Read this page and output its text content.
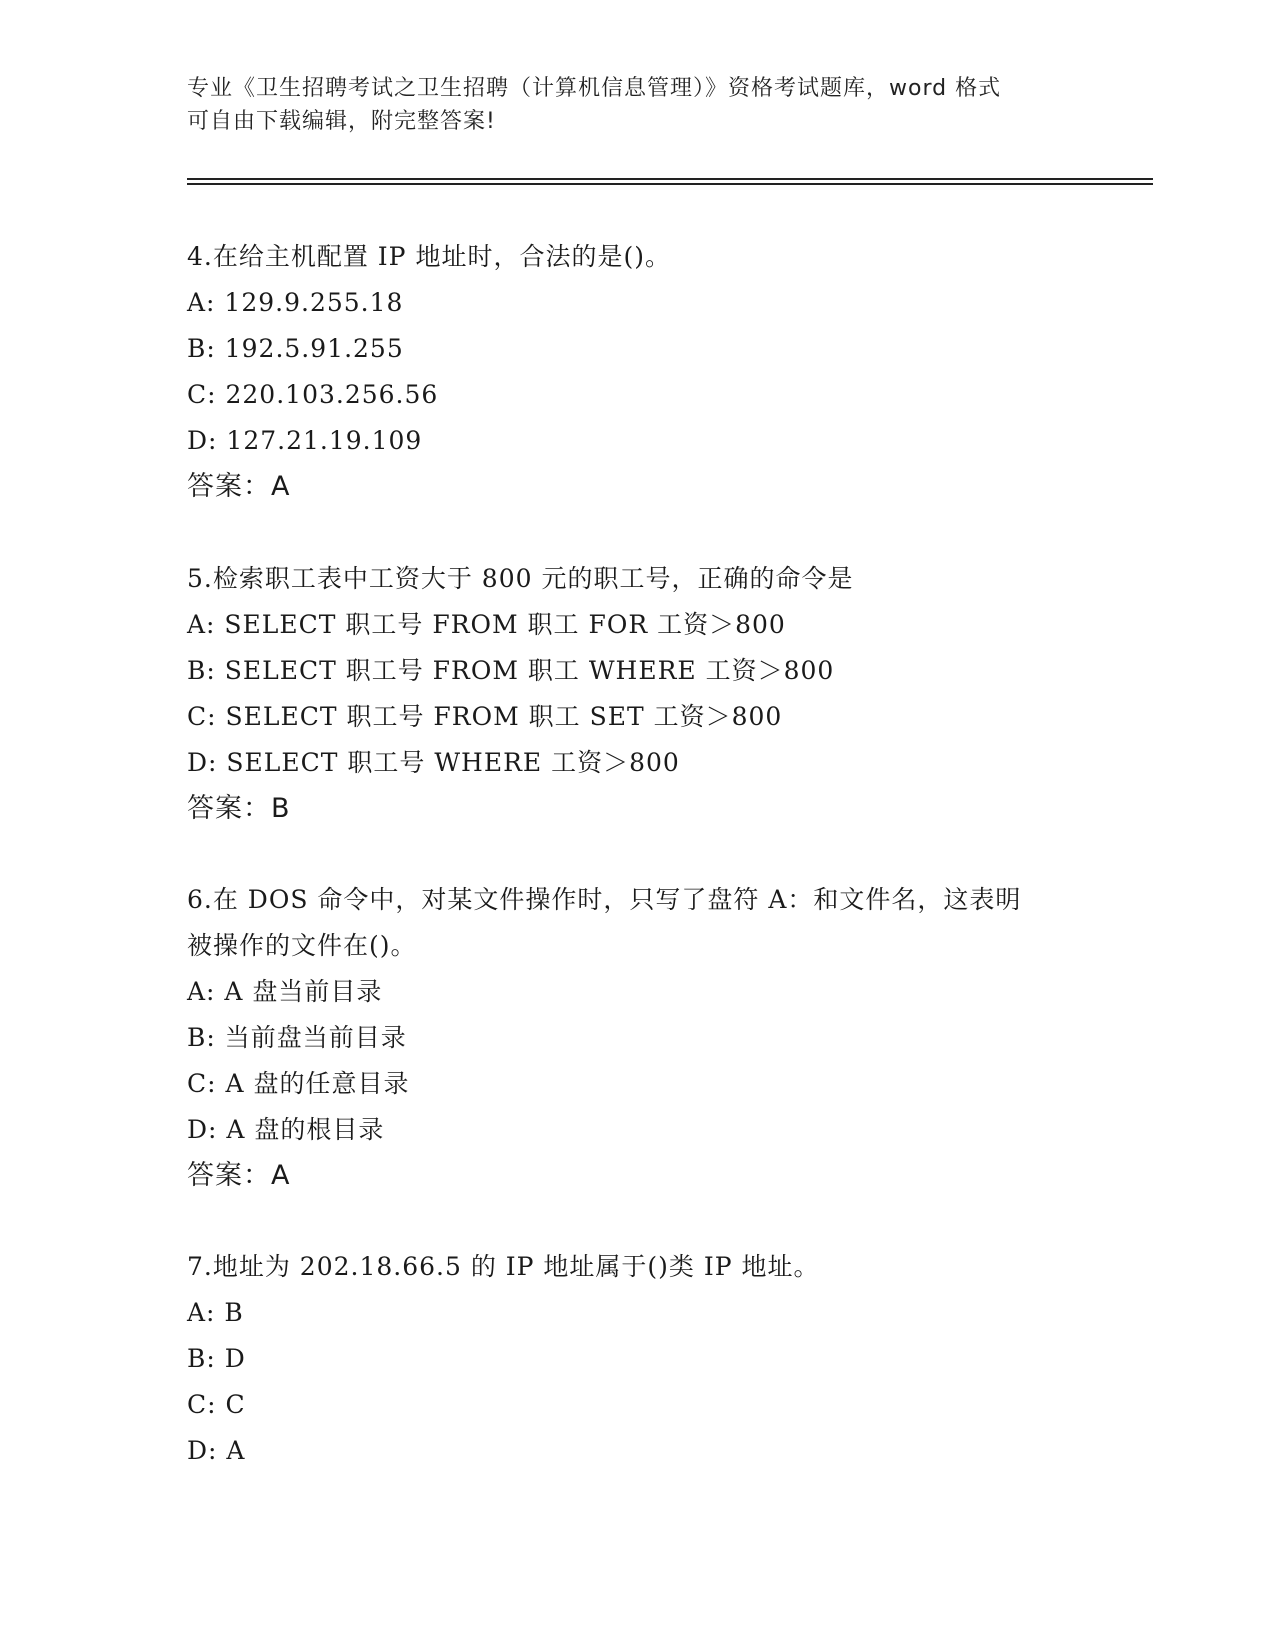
专业《卫生招聘考试之卫生招聘（计算机信息管理）》资格考试题库，word 格式
可自由下载编辑，附完整答案!
4.在给主机配置 IP 地址时，合法的是()。
A: 129.9.255.18
B: 192.5.91.255
C: 220.103.256.56
D: 127.21.19.109
答案：A
5.检索职工表中工资大于 800 元的职工号，正确的命令是
A: SELECT 职工号 FROM 职工 FOR 工资＞800
B: SELECT 职工号 FROM 职工 WHERE 工资＞800
C: SELECT 职工号 FROM 职工 SET 工资＞800
D: SELECT 职工号 WHERE 工资＞800
答案：B
6.在 DOS 命令中，对某文件操作时，只写了盘符 A：和文件名，这表明
被操作的文件在()。
A: A 盘当前目录
B: 当前盘当前目录
C: A 盘的任意目录
D: A 盘的根目录
答案：A
7.地址为 202.18.66.5 的 IP 地址属于()类 IP 地址。
A: B
B: D
C: C
D: A
